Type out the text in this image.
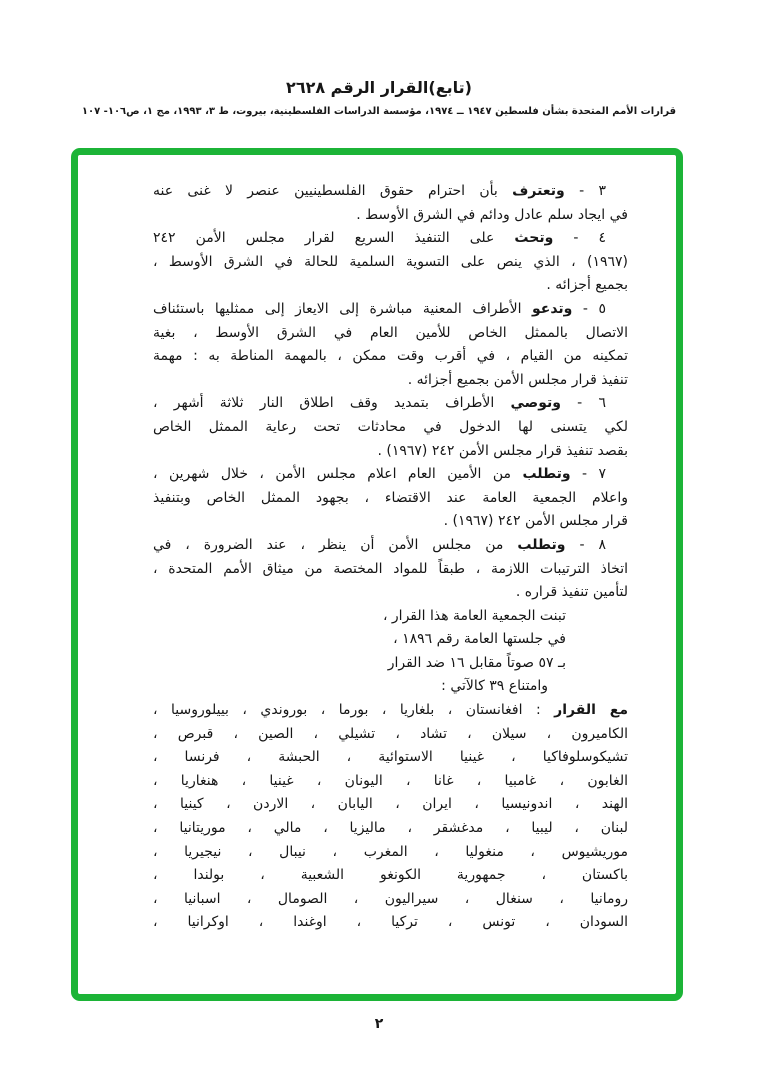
(تابع)القرار الرقم ٢٦٢٨
قرارات الأمم المتحدة بشأن فلسطين ١٩٤٧ ــ ١٩٧٤، مؤسسة الدراسات الفلسطينية، بيروت، ط ٣، ١٩٩٣، مج ١، ص١٠٦- ١٠٧
٣ - وتعترف بأن احترام حقوق الفلسطينيين عنصر لا غنى عنه
في ايجاد سلم عادل ودائم في الشرق الأوسط .
٤ - وتحث على التنفيذ السريع لقرار مجلس الأمن ٢٤٢
(١٩٦٧) ، الذي ينص على التسوية السلمية للحالة في الشرق الأوسط ،
بجميع أجزائه .
٥ - وتدعو الأطراف المعنية مباشرة إلى الايعاز إلى ممثليها باستئناف
الاتصال بالممثل الخاص للأمين العام في الشرق الأوسط ، بغية
تمكينه من القيام ، في أقرب وقت ممكن ، بالمهمة المناطة به : مهمة
تنفيذ قرار مجلس الأمن بجميع أجزائه .
٦ - وتوصي الأطراف بتمديد وقف اطلاق النار ثلاثة أشهر ،
لكي يتسنى لها الدخول في محادثات تحت رعاية الممثل الخاص
بقصد تنفيذ قرار مجلس الأمن ٢٤٢ (١٩٦٧) .
٧ - وتطلب من الأمين العام اعلام مجلس الأمن ، خلال شهرين ،
واعلام الجمعية العامة عند الاقتضاء ، بجهود الممثل الخاص وبتنفيذ
قرار مجلس الأمن ٢٤٢ (١٩٦٧) .
٨ - وتطلب من مجلس الأمن أن ينظر ، عند الضرورة ، في
اتخاذ الترتيبات اللازمة ، طبقاً للمواد المختصة من ميثاق الأمم المتحدة ،
لتأمين تنفيذ قراره .
تبنت الجمعية العامة هذا القرار ،
في جلستها العامة رقم ١٨٩٦ ،
بـ ٥٧ صوتاً مقابل ١٦ ضد القرار
وامتناع ٣٩ كالآتي :
مع القرار : افغانستان ، بلغاريا ، بورما ، بوروندي ، بييلوروسيا ،
الكاميرون ، سيلان ، تشاد ، تشيلي ، الصين ، قبرص ،
تشيكوسلوفاكيا ، غينيا الاستوائية ، الحبشة ، فرنسا ،
الغابون ، غامبيا ، غانا ، اليونان ، غينيا ، هنغاريا ،
الهند ، اندونيسيا ، ايران ، اليابان ، الاردن ، كينيا ،
لبنان ، ليبيا ، مدغشقر ، ماليزيا ، مالي ، موريتانيا ،
موريشيوس ، منغوليا ، المغرب ، نيبال ، نيجيريا ،
باكستان ، جمهورية الكونغو الشعبية ، بولندا ،
رومانيا ، سنغال ، سيراليون ، الصومال ، اسبانيا ،
السودان ، تونس ، تركيا ، اوغندا ، اوكرانيا ،
٢
